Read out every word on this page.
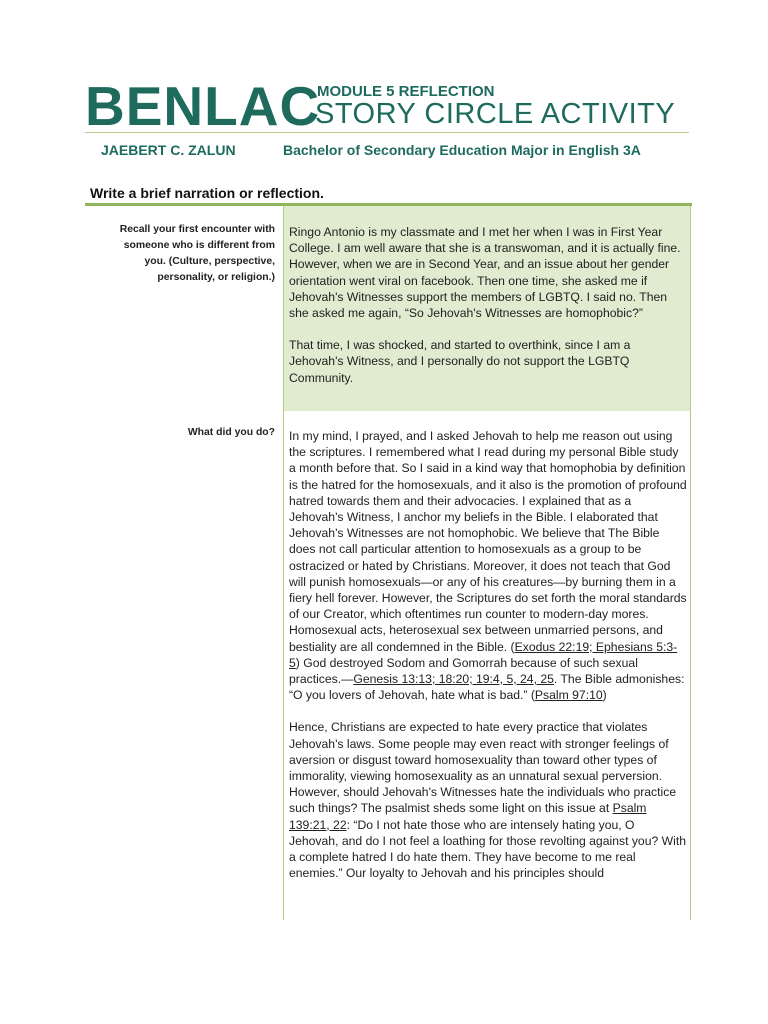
BENLAC
MODULE 5 REFLECTION
STORY CIRCLE ACTIVITY
JAEBERT C. ZALUN	Bachelor of Secondary Education Major in English 3A
Write a brief narration or reflection.
Recall your first encounter with someone who is different from you. (Culture, perspective, personality, or religion.)

Ringo Antonio is my classmate and I met her when I was in First Year College. I am well aware that she is a transwoman, and it is actually fine. However, when we are in Second Year, and an issue about her gender orientation went viral on facebook. Then one time, she asked me if Jehovah's Witnesses support the members of LGBTQ. I said no. Then she asked me again, “So Jehovah's Witnesses are homophobic?”

That time, I was shocked, and started to overthink, since I am a Jehovah's Witness, and I personally do not support the LGBTQ Community.

What did you do? In my mind, I prayed, and I asked Jehovah to help me reason out using the scriptures. I remembered what I read during my personal Bible study a month before that. So I said in a kind way that homophobia by definition is the hatred for the homosexuals, and it also is the promotion of profound hatred towards them and their advocacies. I explained that as a Jehovah's Witness, I anchor my beliefs in the Bible. I elaborated that Jehovah's Witnesses are not homophobic. We believe that The Bible does not call particular attention to homosexuals as a group to be ostracized or hated by Christians. Moreover, it does not teach that God will punish homosexuals—or any of his creatures—by burning them in a fiery hell forever. However, the Scriptures do set forth the moral standards of our Creator, which oftentimes run counter to modern-day mores. Homosexual acts, heterosexual sex between unmarried persons, and bestiality are all condemned in the Bible. (Exodus 22:19; Ephesians 5:3-5) God destroyed Sodom and Gomorrah because of such sexual practices.—Genesis 13:13; 18:20; 19:4, 5, 24, 25. The Bible admonishes: “O you lovers of Jehovah, hate what is bad.” (Psalm 97:10)

Hence, Christians are expected to hate every practice that violates Jehovah's laws. Some people may even react with stronger feelings of aversion or disgust toward homosexuality than toward other types of immorality, viewing homosexuality as an unnatural sexual perversion. However, should Jehovah's Witnesses hate the individuals who practice such things? The psalmist sheds some light on this issue at Psalm 139:21, 22: “Do I not hate those who are intensely hating you, O Jehovah, and do I not feel a loathing for those revolting against you? With a complete hatred I do hate them. They have become to me real enemies.” Our loyalty to Jehovah and his principles should
